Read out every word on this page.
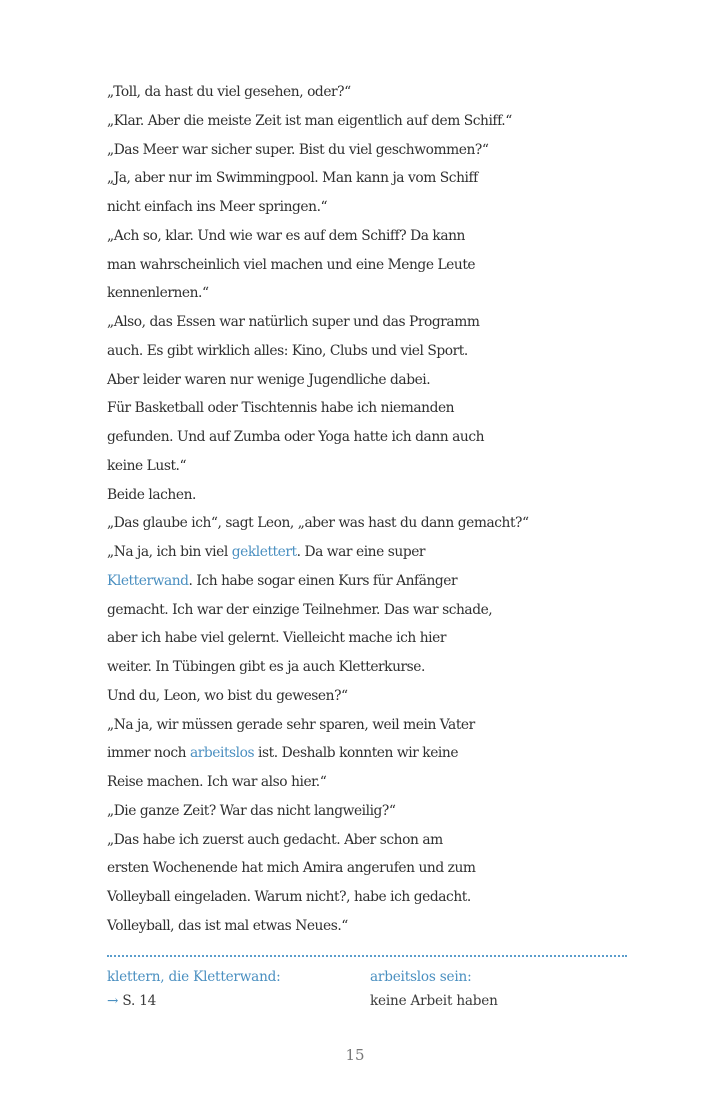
„Toll, da hast du viel gesehen, oder?“
„Klar. Aber die meiste Zeit ist man eigentlich auf dem Schiff.“
„Das Meer war sicher super. Bist du viel geschwommen?“
„Ja, aber nur im Swimmingpool. Man kann ja vom Schiff
nicht einfach ins Meer springen.“
„Ach so, klar. Und wie war es auf dem Schiff? Da kann
man wahrscheinlich viel machen und eine Menge Leute
kennenlernen.“
„Also, das Essen war natürlich super und das Programm
auch. Es gibt wirklich alles: Kino, Clubs und viel Sport.
Aber leider waren nur wenige Jugendliche dabei.
Für Basketball oder Tischtennis habe ich niemanden
gefunden. Und auf Zumba oder Yoga hatte ich dann auch
keine Lust.“
Beide lachen.
„Das glaube ich“, sagt Leon, „aber was hast du dann gemacht?“
„Na ja, ich bin viel geklettert. Da war eine super
Kletterwand. Ich habe sogar einen Kurs für Anfänger
gemacht. Ich war der einzige Teilnehmer. Das war schade,
aber ich habe viel gelernt. Vielleicht mache ich hier
weiter. In Tübingen gibt es ja auch Kletterkurse.
Und du, Leon, wo bist du gewesen?“
„Na ja, wir müssen gerade sehr sparen, weil mein Vater
immer noch arbeitslos ist. Deshalb konnten wir keine
Reise machen. Ich war also hier.“
„Die ganze Zeit? War das nicht langweilig?“
„Das habe ich zuerst auch gedacht. Aber schon am
ersten Wochenende hat mich Amira angerufen und zum
Volleyball eingeladen. Warum nicht?, habe ich gedacht.
Volleyball, das ist mal etwas Neues.“
klettern, die Kletterwand:
→ S. 14
arbeitslos sein:
keine Arbeit haben
15
